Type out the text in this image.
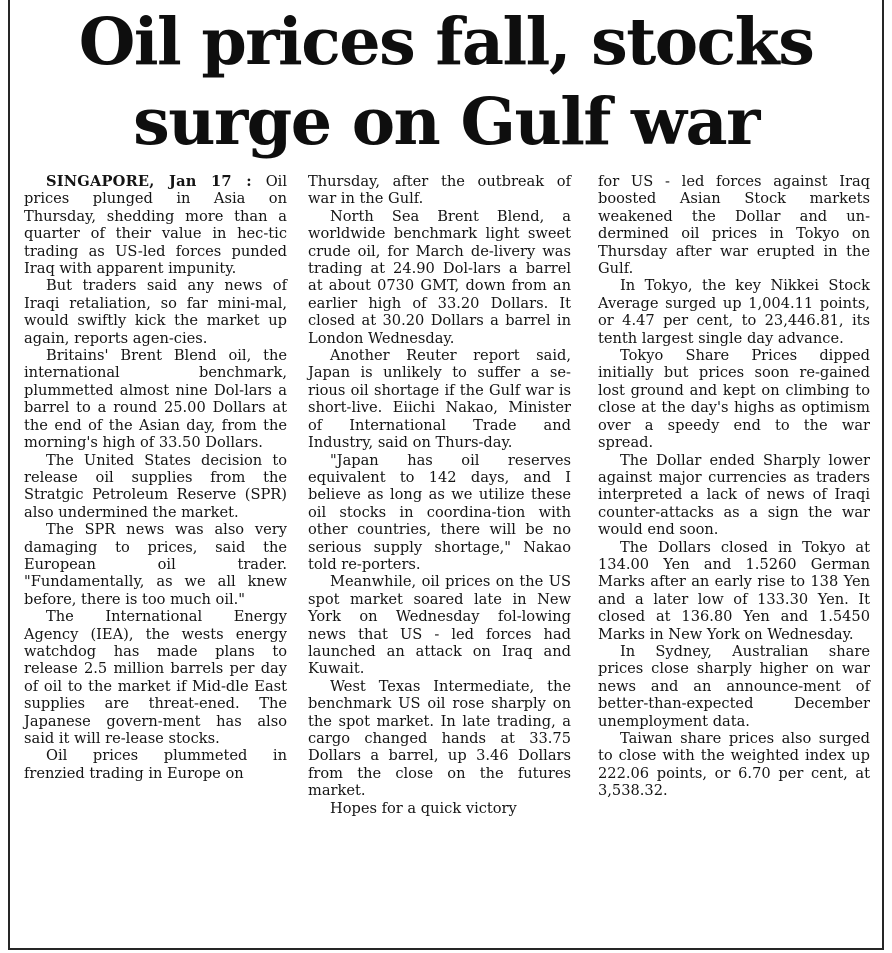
Oil prices fall, stocks
surge on Gulf war

SINGAPORE, Jan 17 : Oil prices plunged in Asia on Thursday, shedding more than a quarter of their value in hec-tic trading as US-led forces punded Iraq with apparent impunity.

But traders said any news of Iraqi retaliation, so far mini-mal, would swiftly kick the market up again, reports agen-cies.

Britains' Brent Blend oil, the international benchmark, plummetted almost nine Dol-lars a barrel to a round 25.00 Dollars at the end of the Asian day, from the morning's high of 33.50 Dollars.

The United States decision to release oil supplies from the Stratgic Petroleum Reserve (SPR) also undermined the market.

The SPR news was also very damaging to prices, said the European oil trader. "Fundamentally, as we all knew before, there is too much oil."

The International Energy Agency (IEA), the wests energy watchdog has made plans to release 2.5 million barrels per day of oil to the market if Mid-dle East supplies are threat-ened. The Japanese govern-ment has also said it will re-lease stocks.

Oil prices plummeted in frenzied trading in Europe on

Thursday, after the outbreak of war in the Gulf.

North Sea Brent Blend, a worldwide benchmark light sweet crude oil, for March de-livery was trading at 24.90 Dol-lars a barrel at about 0730 GMT, down from an earlier high of 33.20 Dollars. It closed at 30.20 Dollars a barrel in London Wednesday.

Another Reuter report said, Japan is unlikely to suffer a se-rious oil shortage if the Gulf war is short-live. Eiichi Nakao, Minister of International Trade and Industry, said on Thurs-day.

"Japan has oil reserves equivalent to 142 days, and I believe as long as we utilize these oil stocks in coordina-tion with other countries, there will be no serious supply shortage," Nakao told re-porters.

Meanwhile, oil prices on the US spot market soared late in New York on Wednesday fol-lowing news that US - led forces had launched an attack on Iraq and Kuwait.

West Texas Intermediate, the benchmark US oil rose sharply on the spot market. In late trading, a cargo changed hands at 33.75 Dollars a barrel, up 3.46 Dollars from the close on the futures market.

Hopes for a quick victory

for US - led forces against Iraq boosted Asian Stock markets weakened the Dollar and un-dermined oil prices in Tokyo on Thursday after war erupted in the Gulf.

In Tokyo, the key Nikkei Stock Average surged up 1,004.11 points, or 4.47 per cent, to 23,446.81, its tenth largest single day advance.

Tokyo Share Prices dipped initially but prices soon re-gained lost ground and kept on climbing to close at the day's highs as optimism over a speedy end to the war spread.

The Dollar ended Sharply lower against major currencies as traders interpreted a lack of news of Iraqi counter-attacks as a sign the war would end soon.

The Dollars closed in Tokyo at 134.00 Yen and 1.5260 German Marks after an early rise to 138 Yen and a later low of 133.30 Yen. It closed at 136.80 Yen and 1.5450 Marks in New York on Wednesday.

In Sydney, Australian share prices close sharply higher on war news and an announce-ment of better-than-expected December unemployment data.

Taiwan share prices also surged to close with the weighted index up 222.06 points, or 6.70 per cent, at 3,538.32.
